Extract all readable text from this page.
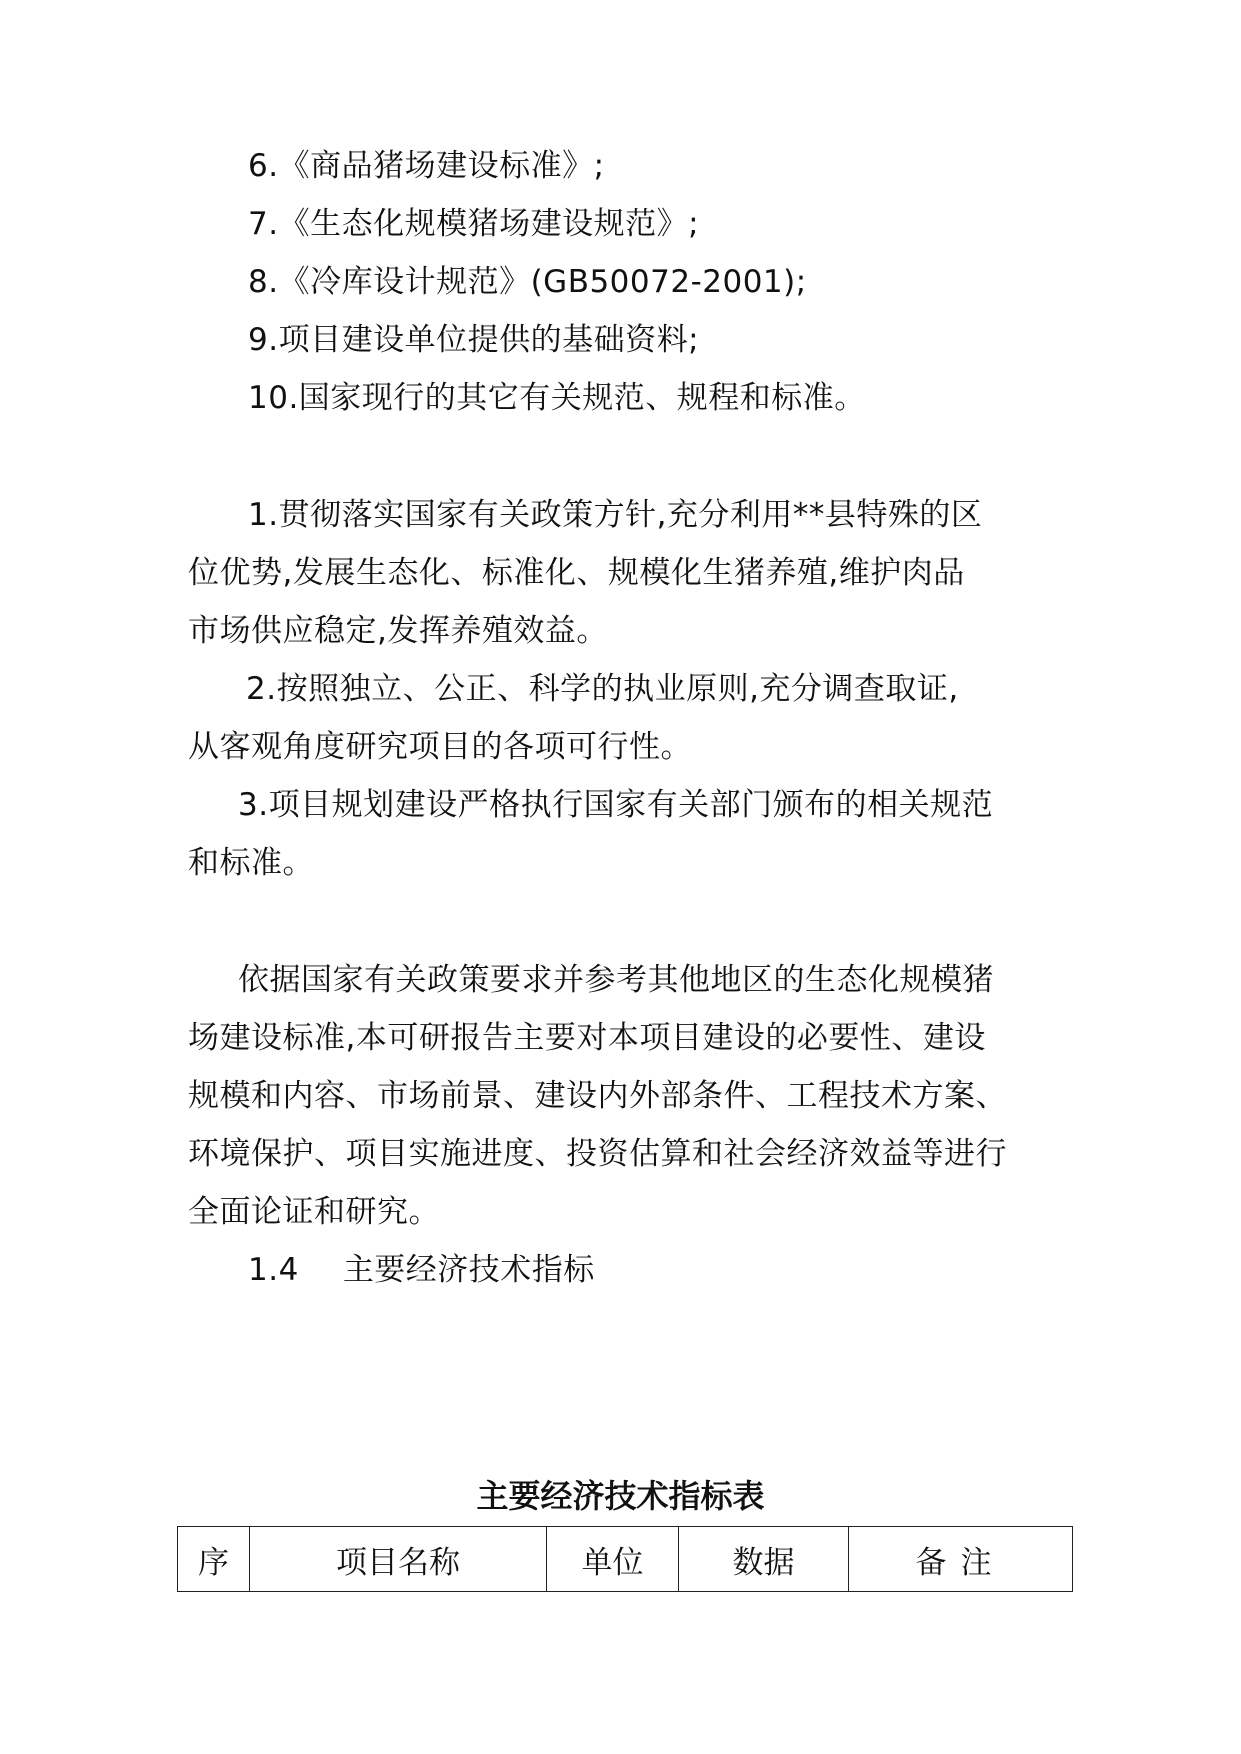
6.《商品猪场建设标准》;
7.《生态化规模猪场建设规范》;
8.《冷库设计规范》(GB50072-2001);
9.项目建设单位提供的基础资料;
10.国家现行的其它有关规范、规程和标准。
1.贯彻落实国家有关政策方针,充分利用**县特殊的区
位优势,发展生态化、标准化、规模化生猪养殖,维护肉品
市场供应稳定,发挥养殖效益。
2.按照独立、公正、科学的执业原则,充分调查取证,
从客观角度研究项目的各项可行性。
3.项目规划建设严格执行国家有关部门颁布的相关规范
和标准。
依据国家有关政策要求并参考其他地区的生态化规模猪
场建设标准,本可研报告主要对本项目建设的必要性、建设
规模和内容、市场前景、建设内外部条件、工程技术方案、
环境保护、项目实施进度、投资估算和社会经济效益等进行
全面论证和研究。
1.4 主要经济技术指标
主要经济技术指标表
序	项目名称	单位	数据	备注
